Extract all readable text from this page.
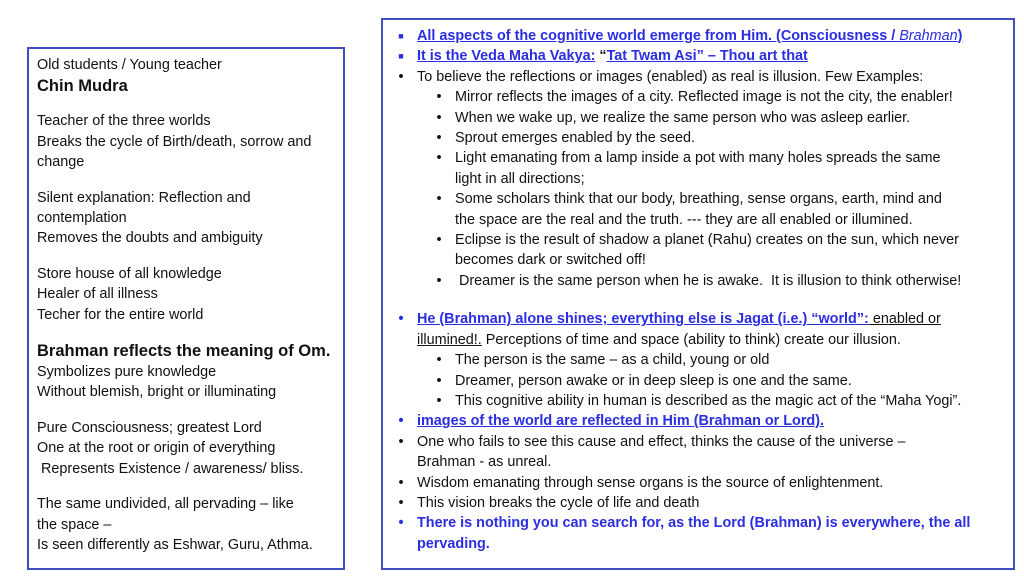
Old students / Young teacher
Chin Mudra
Teacher of the three worlds
Breaks the cycle of Birth/death, sorrow and
change
Silent explanation: Reflection and
contemplation
Removes the doubts and ambiguity
Store house of all knowledge
Healer of all illness
Techer for the entire world
Brahman reflects the meaning of Om.
Symbolizes pure knowledge
Without blemish, bright or illuminating
Pure Consciousness; greatest Lord
One at the root or origin of everything
Represents Existence / awareness/ bliss.
The same undivided, all pervading – like
the space –
Is seen differently as Eshwar, Guru, Athma.
■ All aspects of the cognitive world emerge from Him. (Consciousness / Brahman)
■ It is the Veda Maha Vakya: “Tat Twam Asi” – Thou art that
• To believe the reflections or images (enabled) as real is illusion. Few Examples:
• Mirror reflects the images of a city. Reflected image is not the city, the enabler!
• When we wake up, we realize the same person who was asleep earlier.
• Sprout emerges enabled by the seed.
• Light emanating from a lamp inside a pot with many holes spreads the same
light in all directions;
• Some scholars think that our body, breathing, sense organs, earth, mind and
the space are the real and the truth. --- they are all enabled or illumined.
• Eclipse is the result of shadow a planet (Rahu) creates on the sun, which never
becomes dark or switched off!
• Dreamer is the same person when he is awake.  It is illusion to think otherwise!
• He (Brahman) alone shines; everything else is Jagat (i.e.) “world”: enabled or
illumined!. Perceptions of time and space (ability to think) create our illusion.
• The person is the same – as a child, young or old
• Dreamer, person awake or in deep sleep is one and the same.
• This cognitive ability in human is described as the magic act of the “Maha Yogi”.
• images of the world are reflected in Him (Brahman or Lord).
• One who fails to see this cause and effect, thinks the cause of the universe –
Brahman - as unreal.
• Wisdom emanating through sense organs is the source of enlightenment.
• This vision breaks the cycle of life and death
• There is nothing you can search for, as the Lord (Brahman) is everywhere, the all
pervading.
